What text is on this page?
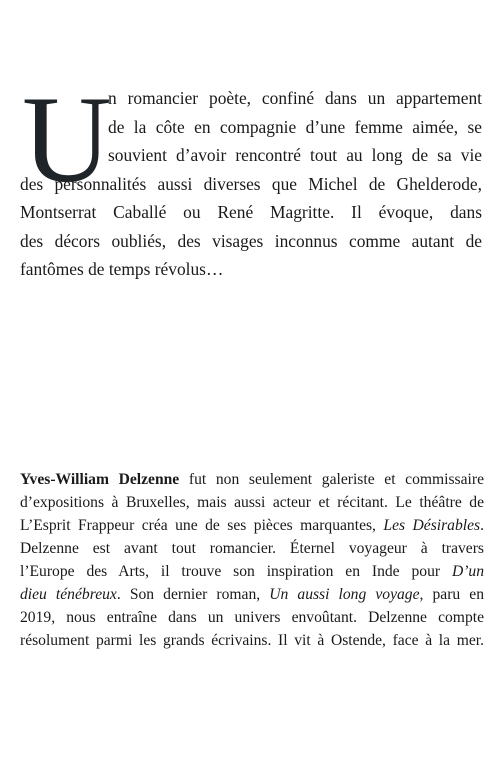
U
n romancier poète, confiné dans un appartement
de la côte en compagnie d’une femme aimée, se
souvient d’avoir rencontré tout au long de sa vie
des personnalités aussi diverses que Michel de Ghelderode,
Montserrat Caballé ou René Magritte. Il évoque, dans
des décors oubliés, des visages inconnus comme autant de
fantômes de temps révolus…
Yves-William Delzenne fut non seulement galeriste et commissaire
d’expositions à Bruxelles, mais aussi acteur et récitant. Le théâtre de
L’Esprit Frappeur créa une de ses pièces marquantes, Les Désirables.
Delzenne est avant tout romancier. Éternel voyageur à travers
l’Europe des Arts, il trouve son inspiration en Inde pour D’un
dieu ténébreux. Son dernier roman, Un aussi long voyage, paru en
2019, nous entraîne dans un univers envoûtant. Delzenne compte
résolument parmi les grands écrivains. Il vit à Ostende, face à la mer.
